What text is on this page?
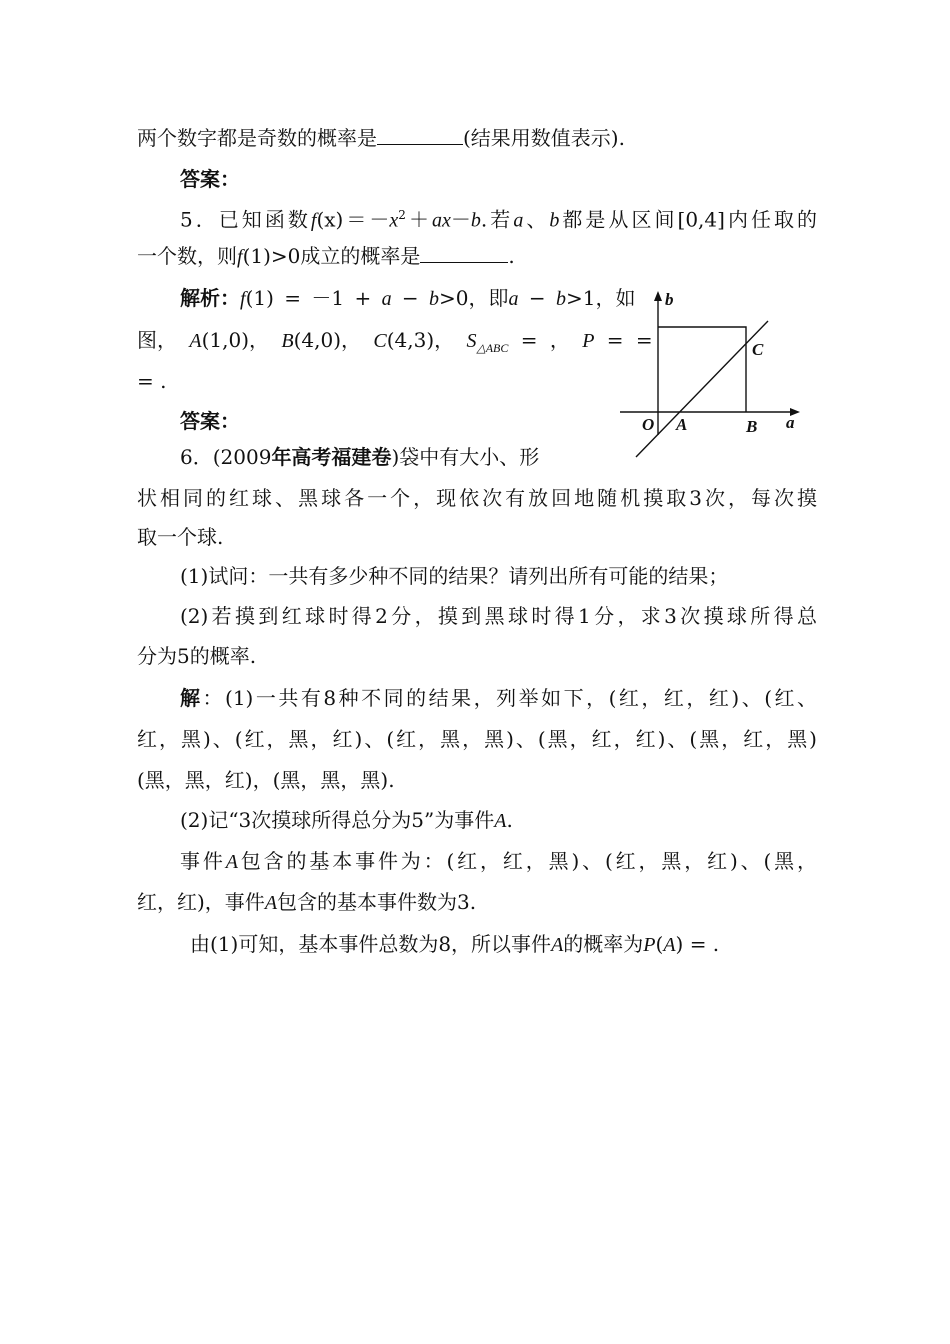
两个数字都是奇数的概率是	(结果用数值表示).
答案：
5．已知函数$f(x)=-x^2+ax-b$.若a、b都是从区间[0,4]内任取的
一个数，则f(1)>0成立的概率是	.
解析：f(1) = －1 + a − b>0，即a − b>1，如
图， A(1,0)， B(4,0)， C(4,3)， $S_{\triangle ABC}$ = ， P = =
= .
答案：
b
a
O A	B
C
6．(2009年高考福建卷)袋中有大小、形
状相同的红球、黑球各一个，现依次有放回地随机摸取3次，每次摸
取一个球.
(1)试问：一共有多少种不同的结果？请列出所有可能的结果；
(2)若摸到红球时得2分，摸到黑球时得1分，求3次摸球所得总
分为5的概率.
解：(1)一共有8种不同的结果，列举如下，(红，红，红)、(红、
红，黑)、(红，黑，红)、(红，黑，黑)、(黑，红，红)、(黑，红，黑)
(黑，黑，红)，(黑，黑，黑).
(2)记“3次摸球所得总分为5”为事件A.
事件A包含的基本事件为：(红，红，黑)、(红，黑，红)、(黑，
红，红)，事件A包含的基本事件数为3.
由(1)可知，基本事件总数为8，所以事件A的概率为P(A) = .
